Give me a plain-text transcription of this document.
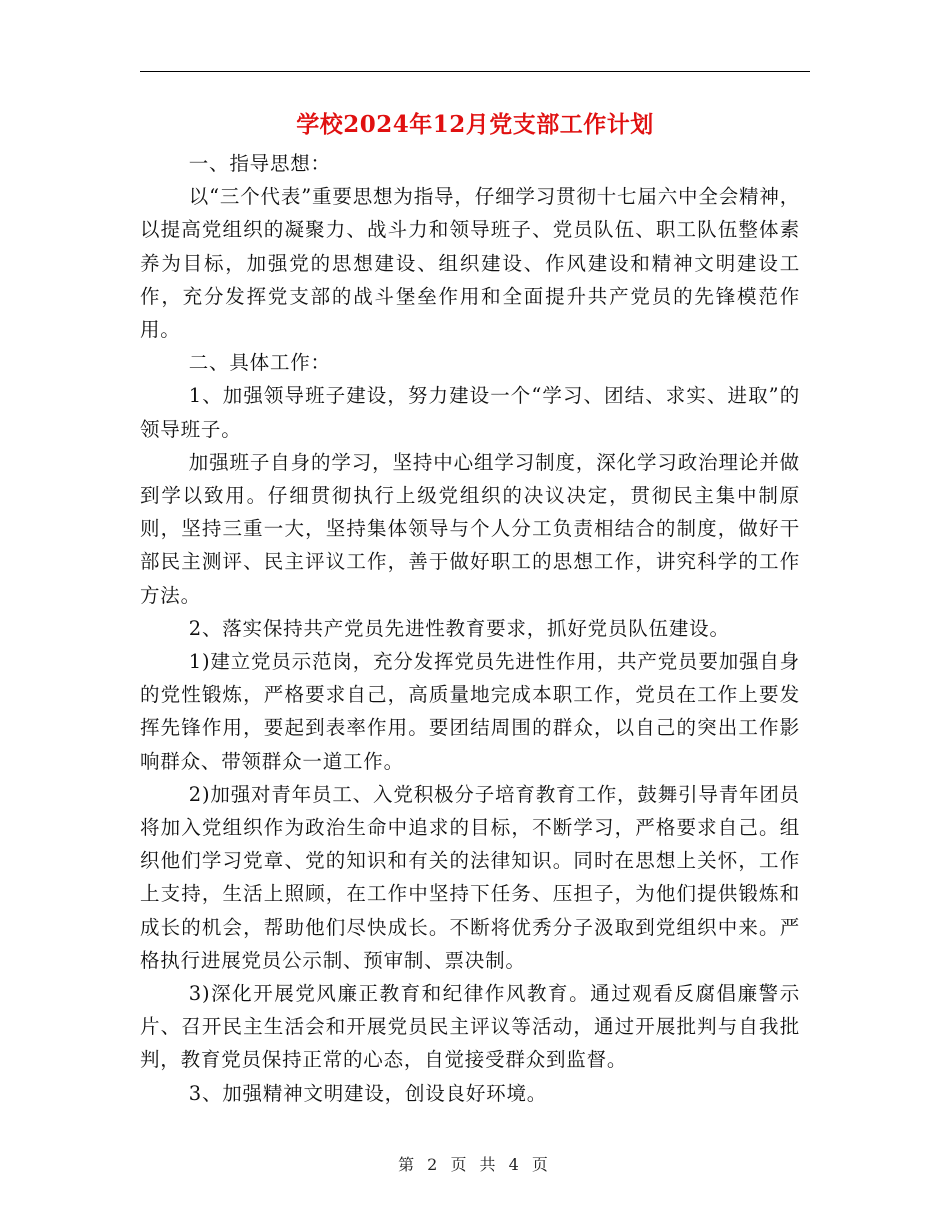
学校2024年12月党支部工作计划

一、指导思想：

以“三个代表”重要思想为指导，仔细学习贯彻十七届六中全会精神，以提高党组织的凝聚力、战斗力和领导班子、党员队伍、职工队伍整体素养为目标，加强党的思想建设、组织建设、作风建设和精神文明建设工作，充分发挥党支部的战斗堡垒作用和全面提升共产党员的先锋模范作用。

二、具体工作：

1、加强领导班子建设，努力建设一个“学习、团结、求实、进取”的领导班子。

加强班子自身的学习，坚持中心组学习制度，深化学习政治理论并做到学以致用。仔细贯彻执行上级党组织的决议决定，贯彻民主集中制原则，坚持三重一大，坚持集体领导与个人分工负责相结合的制度，做好干部民主测评、民主评议工作，善于做好职工的思想工作，讲究科学的工作方法。

2、落实保持共产党员先进性教育要求，抓好党员队伍建设。

1)建立党员示范岗，充分发挥党员先进性作用，共产党员要加强自身的党性锻炼，严格要求自己，高质量地完成本职工作，党员在工作上要发挥先锋作用，要起到表率作用。要团结周围的群众，以自己的突出工作影响群众、带领群众一道工作。

2)加强对青年员工、入党积极分子培育教育工作，鼓舞引导青年团员将加入党组织作为政治生命中追求的目标，不断学习，严格要求自己。组织他们学习党章、党的知识和有关的法律知识。同时在思想上关怀，工作上支持，生活上照顾，在工作中坚持下任务、压担子，为他们提供锻炼和成长的机会，帮助他们尽快成长。不断将优秀分子汲取到党组织中来。严格执行进展党员公示制、预审制、票决制。

3)深化开展党风廉正教育和纪律作风教育。通过观看反腐倡廉警示片、召开民主生活会和开展党员民主评议等活动，通过开展批判与自我批判，教育党员保持正常的心态，自觉接受群众到监督。

3、加强精神文明建设，创设良好环境。

第 2 页 共 4 页
